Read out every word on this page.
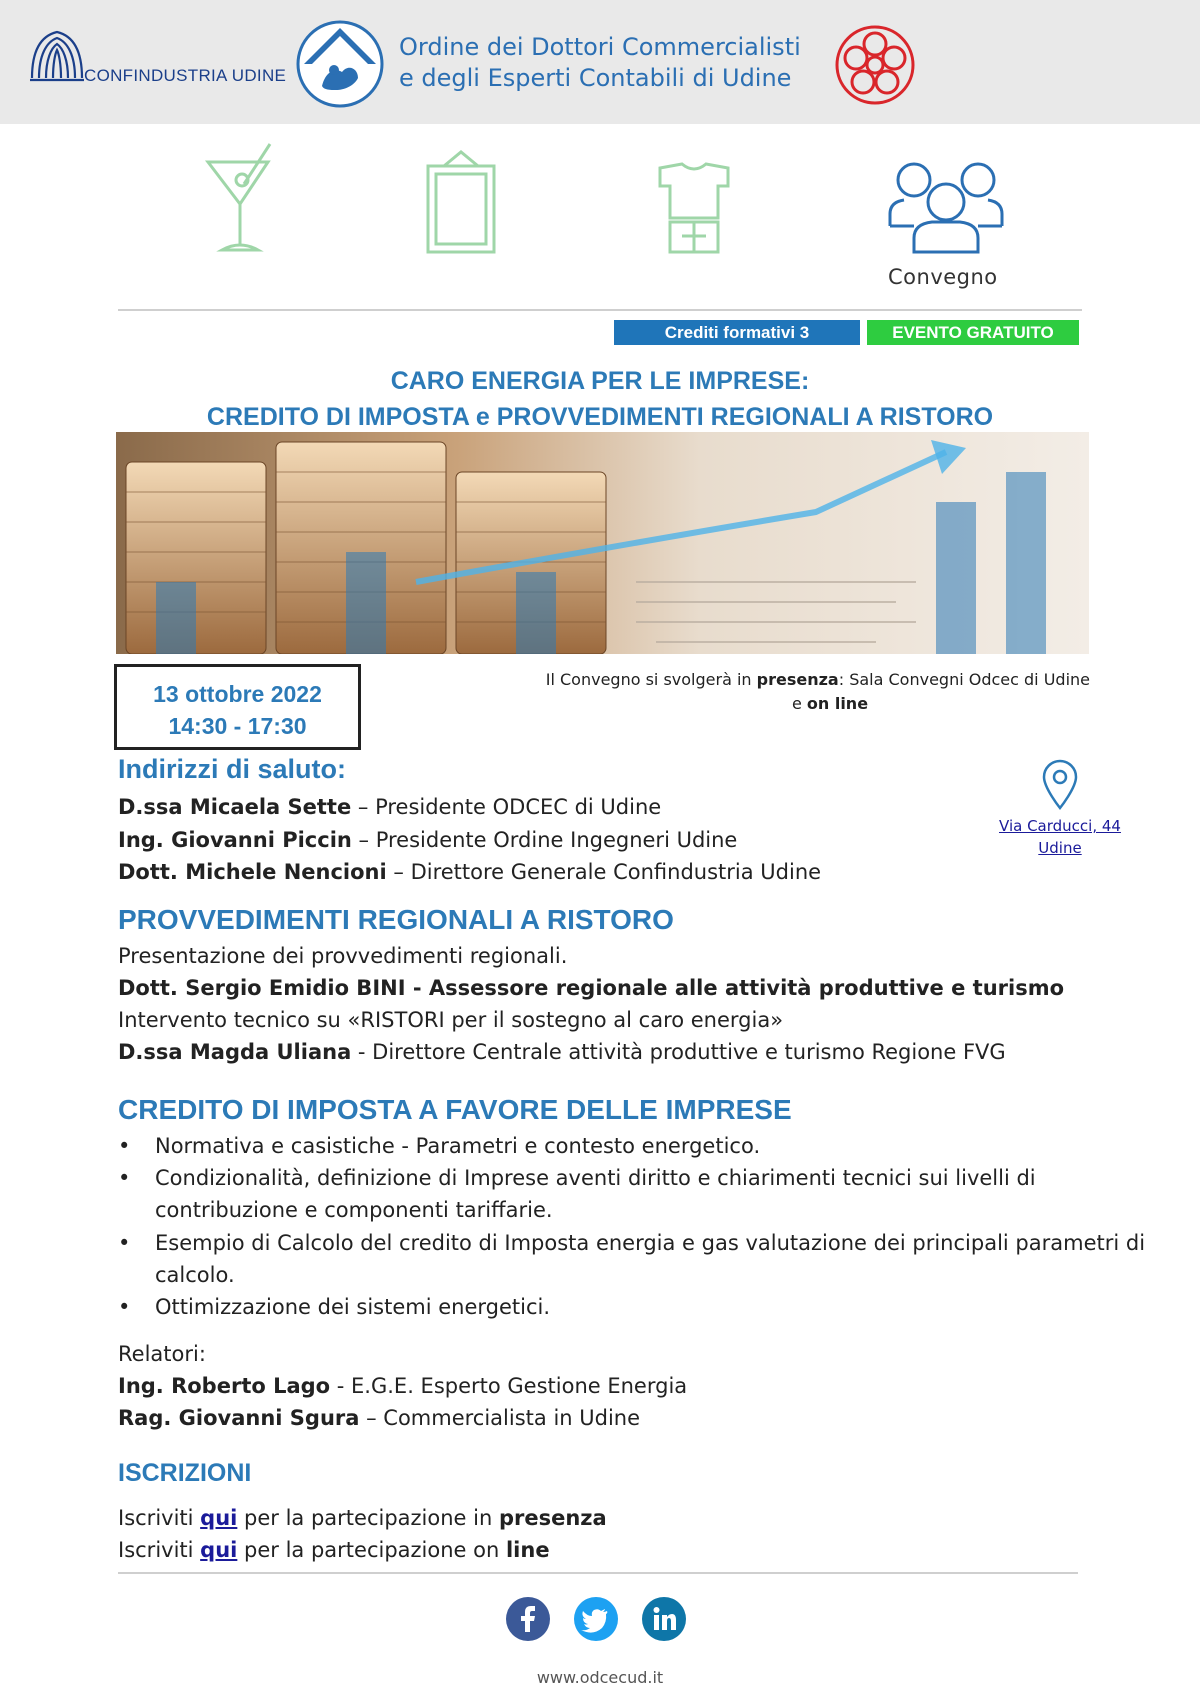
CONFINDUSTRIA UDINE
Ordine dei Dottori Commercialisti
e degli Esperti Contabili di Udine
Convegno
Crediti formativi 3	EVENTO GRATUITO
CARO ENERGIA PER LE IMPRESE:
CREDITO DI IMPOSTA e PROVVEDIMENTI REGIONALI A RISTORO
13 ottobre 2022
14:30 - 17:30
Il Convegno si svolgerà in presenza: Sala Convegni Odcec di Udine
e on line
Via Carducci, 44
Udine
Indirizzi di saluto:
D.ssa Micaela Sette – Presidente ODCEC di Udine
Ing. Giovanni Piccin – Presidente Ordine Ingegneri Udine
Dott. Michele Nencioni – Direttore Generale Confindustria Udine
PROVVEDIMENTI REGIONALI A RISTORO
Presentazione dei provvedimenti regionali.
Dott. Sergio Emidio BINI - Assessore regionale alle attività produttive e turismo
Intervento tecnico su «RISTORI per il sostegno al caro energia»
D.ssa Magda Uliana - Direttore Centrale attività produttive e turismo Regione FVG
CREDITO DI IMPOSTA A FAVORE DELLE IMPRESE
• Normativa e casistiche - Parametri e contesto energetico.
• Condizionalità, definizione di Imprese aventi diritto e chiarimenti tecnici sui livelli di contribuzione e componenti tariffarie.
• Esempio di Calcolo del credito di Imposta energia e gas valutazione dei principali parametri di calcolo.
• Ottimizzazione dei sistemi energetici.
Relatori:
Ing. Roberto Lago - E.G.E. Esperto Gestione Energia
Rag. Giovanni Sgura – Commercialista in Udine
ISCRIZIONI
Iscriviti qui per la partecipazione in presenza
Iscriviti qui per la partecipazione on line
www.odcecud.it
